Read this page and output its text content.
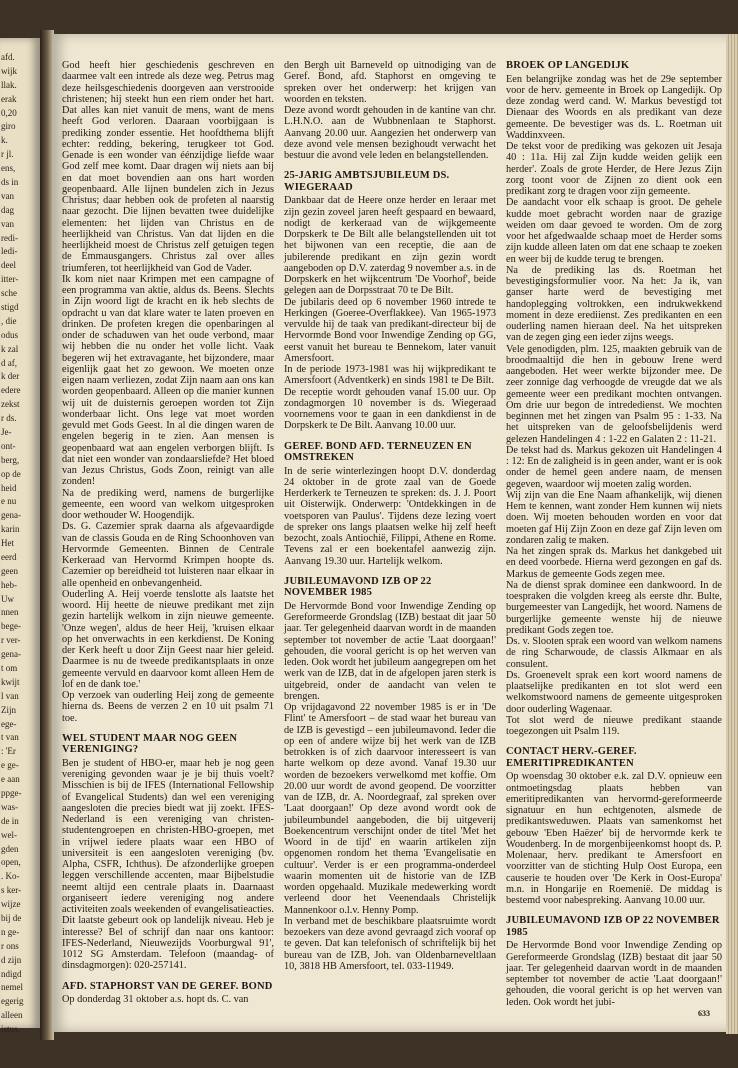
afd.
wijk
llak.
erak
0,20
giro
k.
r jl.
ens,
ds in
van
dag
van
redi-
ledi-
deel
itter-
sche
stigd
, die
odus
k zal
d af,
k der
edere
zekst
r ds.
Je-
ont-
berg,
op de
heid
e nu
gena-
karin
Het
eerd
geen
heb-
Uw
nnen
bege-
r ver-
gena-
t om
kwijt
l van
Zijn
ege-
t van
: 'Er
e ge-
e aan
ppge-
was-
de in
wel-
gden
open,
. Ko-
s ker-
wijze
bij de
n ge-
r ons
d zijn
ndigd
nemel
egerig
alleen
istus.

God heeft hier geschiedenis geschreven en daarmee valt een intrede als deze weg. Petrus mag deze heilsgeschiedenis doorgeven aan verstrooide christenen; hij steekt hun een riem onder het hart. Dat alles kan niet vanuit de mens, want de mens heeft God verloren. Daaraan voorbijgaan is prediking zonder essentie. Het hoofdthema blijft echter: redding, bekering, terugkeer tot God. Genade is een wonder van éénzijdige liefde waar God zelf mee komt. Daar dragen wij niets aan bij en dat moet bovendien aan ons hart worden geopenbaard. Alle lijnen bundelen zich in Jezus Christus; daar hebben ook de profeten al naarstig naar gezocht. Die lijnen bevatten twee duidelijke elementen: het lijden van Christus en de heerlijkheid van Christus. Van dat lijden en die heerlijkheid moest de Christus zelf getuigen tegen de Emmausgangers. Christus zal over alles triumferen, tot heerlijkheid van God de Vader.

Ik kom niet naar Krimpen met een campagne of een programma van aktie, aldus ds. Beens. Slechts in Zijn woord ligt de kracht en ik heb slechts de opdracht u van dat klare water te laten proeven en drinken. De profeten kregen die openbaringen al onder de schaduwen van het oude verbond, maar wij hebben die nu onder het volle licht. Vaak begeren wij het extravagante, het bijzondere, maar eigenlijk gaat het zo gewoon. We moeten onze eigen naam verliezen, zodat Zijn naam aan ons kan worden geopenbaard. Alleen op die manier kunnen wij uit de duisternis geroepen worden tot Zijn wonderbaar licht. Ons lege vat moet worden gevuld met Gods Geest. In al die dingen waren de engelen begerig in te zien. Aan mensen is geopenbaard wat aan engelen verborgen blijft. Is dat niet een wonder van zondaarsliefde? Het bloed van Jezus Christus, Gods Zoon, reinigt van alle zonden!

Na de prediking werd, namens de burgerlijke gemeente, een woord van welkom uitgesproken door wethouder W. Hoogendijk.

Ds. G. Cazemier sprak daarna als afgevaardigde van de classis Gouda en de Ring Schoonhoven van Hervormde Gemeenten. Binnen de Centrale Kerkeraad van Hervormd Krimpen hoopte ds. Cazemier op bereidheid tot luisteren naar elkaar in alle openheid en onbevangenheid.

Ouderling A. Heij voerde tenslotte als laatste het woord. Hij heette de nieuwe predikant met zijn gezin hartelijk welkom in zijn nieuwe gemeente. 'Onze wegen', aldus de heer Heij, 'kruisen elkaar op het onverwachts in een kerkdienst. De Koning der Kerk heeft u door Zijn Geest naar hier geleid. Daarmee is nu de tweede predikantsplaats in onze gemeente vervuld en daarvoor komt alleen Hem de lof en de dank toe.'

Op verzoek van ouderling Heij zong de gemeente hierna ds. Beens de verzen 2 en 10 uit psalm 71 toe.

WEL STUDENT MAAR NOG GEEN VERENIGING?

Ben je student of HBO-er, maar heb je nog geen vereniging gevonden waar je je bij thuis voelt? Misschien is bij de IFES (International Fellowship of Evangelical Students) dan wel een vereniging aangesloten die precies biedt wat jij zoekt. IFES-Nederland is een vereniging van christen-studentengroepen en christen-HBO-groepen, met in vrijwel iedere plaats waar een HBO of universiteit is een aangesloten vereniging (bv. Alpha, CSFR, Ichthus). De afzonderlijke groepen leggen verschillende accenten, maar Bijbelstudie neemt altijd een centrale plaats in. Daarnaast organiseert iedere vereniging nog andere activiteiten zoals weekenden of evangelisatieacties. Dit laatste gebeurt ook op landelijk niveau. Heb je interesse? Bel of schrijf dan naar ons kantoor: IFES-Nederland, Nieuwezijds Voorburgwal 91', 1012 SG Amsterdam. Telefoon (maandag- of dinsdagmorgen): 020-257141.

AFD. STAPHORST VAN DE GEREF. BOND

Op donderdag 31 oktober a.s. hopt ds. C. van

den Bergh uit Barneveld op uitnodiging van de Geref. Bond, afd. Staphorst en omgeving te spreken over het onderwerp: het krijgen van woorden en teksten.

Deze avond wordt gehouden in de kantine van chr. L.H.N.O. aan de Wubbnenlaan te Staphorst. Aanvang 20.00 uur. Aangezien het onderwerp van deze avond vele mensen bezighoudt verwacht het bestuur die avond vele leden en belangstellenden.

25-JARIG AMBTSJUBILEUM DS. WIEGERAAD

Dankbaar dat de Heere onze herder en leraar met zijn gezin zoveel jaren heeft gespaard en bewaard, nodigt de kerkeraad van de wijkgemeente Dorpskerk te De Bilt alle belangstellenden uit tot het bijwonen van een receptie, die aan de jubilerende predikant en zijn gezin wordt aangeboden op D.V. zaterdag 9 november a.s. in de Dorpskerk en het wijkcentrum 'De Voorhof', beide gelegen aan de Dorpsstraat 70 te De Bilt.

De jubilaris deed op 6 november 1960 intrede te Herkingen (Goeree-Overflakkee). Van 1965-1973 vervulde hij de taak van predikant-directeur bij de Hervormde Bond voor Inwendige Zending op GG, eerst vanuit het bureau te Bennekom, later vanuit Amersfoort.

In de periode 1973-1981 was hij wijkpredikant te Amersfoort (Adventkerk) en sinds 1981 te De Bilt.

De receptie wordt gehouden vanaf 15.00 uur. Op zondagmorgen 10 november is ds. Wiegeraad voornemens voor te gaan in een dankdienst in de Dorpskerk te De Bilt. Aanvang 10.00 uur.

GEREF. BOND AFD. TERNEUZEN EN OMSTREKEN

In de serie winterlezingen hoopt D.V. donderdag 24 oktober in de grote zaal van de Goede Herderkerk te Terneuzen te spreken: ds. J. J. Poort uit Oisterwijk. Onderwerp: 'Ontdekkingen in de voetsporen van Paulus'. Tijdens deze lezing voert de spreker ons langs plaatsen welke hij zelf heeft bezocht, zoals Antiochië, Filippi, Athene en Rome. Tevens zal er een boekentafel aanwezig zijn. Aanvang 19.30 uur. Hartelijk welkom.

JUBILEUMAVOND IZB OP 22 NOVEMBER 1985

De Hervormde Bond voor Inwendige Zending op Gereformeerde Grondslag (IZB) bestaat dit jaar 50 jaar. Ter gelegenheid daarvan wordt in de maanden september tot november de actie 'Laat doorgaan!' gehouden, die vooral gericht is op het werven van leden. Ook wordt het jubileum aangegrepen om het werk van de IZB, dat in de afgelopen jaren sterk is uitgebreid, onder de aandacht van velen te brengen.

Op vrijdagavond 22 november 1985 is er in 'De Flint' te Amersfoort – de stad waar het bureau van de IZB is gevestigd – een jubileumavond. Ieder die op een of andere wijze bij het werk van de IZB betrokken is of zich daarvoor interesseert is van harte welkom op deze avond. Vanaf 19.30 uur worden de bezoekers verwelkomd met koffie. Om 20.00 uur wordt de avond geopend. De voorzitter van de IZB, dr. A. Noordegraaf, zal spreken over 'Laat doorgaan!' Op deze avond wordt ook de jubileumbundel aangeboden, die bij uitgeverij Boekencentrum verschijnt onder de titel 'Met het Woord in de tijd' en waarin artikelen zijn opgenomen rondom het thema 'Evangelisatie en cultuur'. Verder is er een programma-onderdeel waarin momenten uit de historie van de IZB worden opgehaald. Muzikale medewerking wordt verleend door het Veenendaals Christelijk Mannenkoor o.l.v. Henny Pomp.

In verband met de beschikbare plaatsruimte wordt bezoekers van deze avond gevraagd zich vooraf op te geven. Dat kan telefonisch of schriftelijk bij het bureau van de IZB, Joh. van Oldenbarneveltlaan 10, 3818 HB Amersfoort, tel. 033-11949.

BROEK OP LANGEDIJK

Een belangrijke zondag was het de 29e september voor de herv. gemeente in Broek op Langedijk. Op deze zondag werd cand. W. Markus bevestigd tot Dienaar des Woords en als predikant van deze gemeente. De bevestiger was ds. L. Roetman uit Waddinxveen.

De tekst voor de prediking was gekozen uit Jesaja 40 : 11a. Hij zal Zijn kudde weiden gelijk een herder'. Zoals de grote Herder, de Here Jezus Zijn zorg toont voor de Zijnen zo dient ook een predikant zorg te dragen voor zijn gemeente.

De aandacht voor elk schaap is groot. De gehele kudde moet gebracht worden naar de grazige weiden om daar gevoed te worden. Om de zorg voor het afgedwaalde schaap moet de Herder soms zijn kudde alleen laten om dat ene schaap te zoeken en weer bij de kudde terug te brengen.

Na de prediking las ds. Roetman het bevestigingsformulier voor. Na het: Ja ik, van ganser harte werd de bevestiging met handoplegging voltrokken, een indrukwekkend moment in deze erediienst. Zes predikanten en een ouderling namen hieraan deel. Na het uitspreken van de zegen ging een ieder zijns weegs.

Vele genodigden, plm. 125, maakten gebruik van de broodmaaltijd die hen in gebouw Irene werd aangeboden. Het weer werkte bijzonder mee. De zeer zonnige dag verhoogde de vreugde dat we als gemeente weer een predikant mochten ontvangen. Om drie uur begon de intrededienst. We mochten beginnen met het zingen van Psalm 95 : 1-33. Na het uitspreken van de geloofsbelijdenis werd gelezen Handelingen 4 : 1-22 en Galaten 2 : 11-21.

De tekst had ds. Markus gekozen uit Handelingen 4 : 12: En de zaligheid is in geen ander, want er is ook onder de hemel geen andere naam, de mensen gegeven, waardoor wij moeten zalig worden.

Wij zijn van die Ene Naam afhankelijk, wij dienen Hem te kennen, want zonder Hem kunnen wij niets doen. Wij moeten behouden worden en voor dat moeten gaf Hij Zijn Zoon en deze gaf Zijn leven om zondaren zalig te maken.

Na het zingen sprak ds. Markus het dankgebed uit en deed voorbede. Hierna werd gezongen en gaf ds. Markus de gemeente Gods zegen mee.

Na de dienst sprak dominee een dankwoord. In de toespraken die volgden kreeg als eerste dhr. Bulte, burgemeester van Langedijk, het woord. Namens de burgerlijke gemeente wenste hij de nieuwe predikant Gods zegen toe.

Ds. v. Slooten sprak een woord van welkom namens de ring Scharwoude, de classis Alkmaar en als consulent.

Ds. Groenevelt sprak een kort woord namens de plaatselijke predikanten en tot slot werd een welkomstwoord namens de gemeente uitgesproken door ouderling Wagenaar.

Tot slot werd de nieuwe predikant staande toegezongen uit Psalm 119.

CONTACT HERV.-GEREF. EMERITIPREDIKANTEN

Op woensdag 30 oktober e.k. zal D.V. opnieuw een ontmoetingsdag plaats hebben van emeritipredikanten van hervormd-gereformeerde signatuur en hun echtgenoten, alsmede de predikantsweduwen. Plaats van samenkomst het gebouw 'Eben Haëzer' bij de hervormde kerk te Woudenberg. In de morgenbijeenkomst hoopt ds. P. Molenaar, herv. predikant te Amersfoort en voorzitter van de stichting Hulp Oost Europa, een causerie te houden over 'De Kerk in Oost-Europa' m.n. in Hongarije en Roemenië. De middag is bestemd voor nabespreking. Aanvang 10.00 uur.

JUBILEUMAVOND IZB OP 22 NOVEMBER 1985

De Hervormde Bond voor Inwendige Zending op Gereformeerde Grondslag (IZB) bestaat dit jaar 50 jaar. Ter gelegenheid daarvan wordt in de maanden september tot november de actie 'Laat doorgaan!' gehouden, die vooral gericht is op het werven van leden. Ook wordt het jubi-

633
